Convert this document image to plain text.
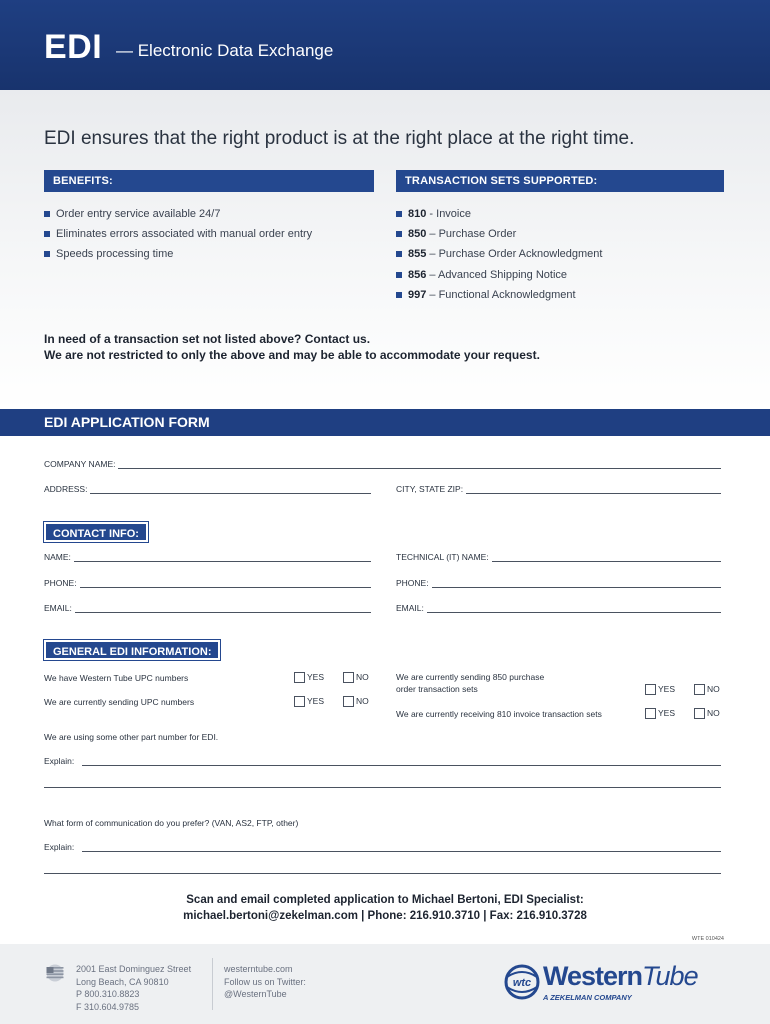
EDI — Electronic Data Exchange
EDI ensures that the right product is at the right place at the right time.
BENEFITS:
Order entry service available 24/7
Eliminates errors associated with manual order entry
Speeds processing time
TRANSACTION SETS SUPPORTED:
810 - Invoice
850 – Purchase Order
855 – Purchase Order Acknowledgment
856 – Advanced Shipping Notice
997 – Functional Acknowledgment
In need of a transaction set not listed above? Contact us.
We are not restricted to only the above and may be able to accommodate your request.
EDI APPLICATION FORM
COMPANY NAME:
ADDRESS:	CITY, STATE ZIP:
CONTACT INFO:
NAME:	TECHNICAL (IT) NAME:
PHONE:	PHONE:
EMAIL:	EMAIL:
GENERAL EDI INFORMATION:
We have Western Tube UPC numbers	YES	NO
We are currently sending UPC numbers	YES	NO
We are currently sending 850 purchase
order transaction sets	YES	NO
We are currently receiving 810 invoice transaction sets	YES	NO
We are using some other part number for EDI.
Explain:
What form of communication do you prefer? (VAN, AS2, FTP, other)
Explain:
Scan and email completed application to Michael Bertoni, EDI Specialist:
michael.bertoni@zekelman.com | Phone: 216.910.3710 | Fax: 216.910.3728
WTE 010424
2001 East Dominguez Street
Long Beach, CA 90810
P 800.310.8823
F 310.604.9785
westerntube.com
Follow us on Twitter:
@WesternTube
wtc WesternTube
A ZEKELMAN COMPANY
